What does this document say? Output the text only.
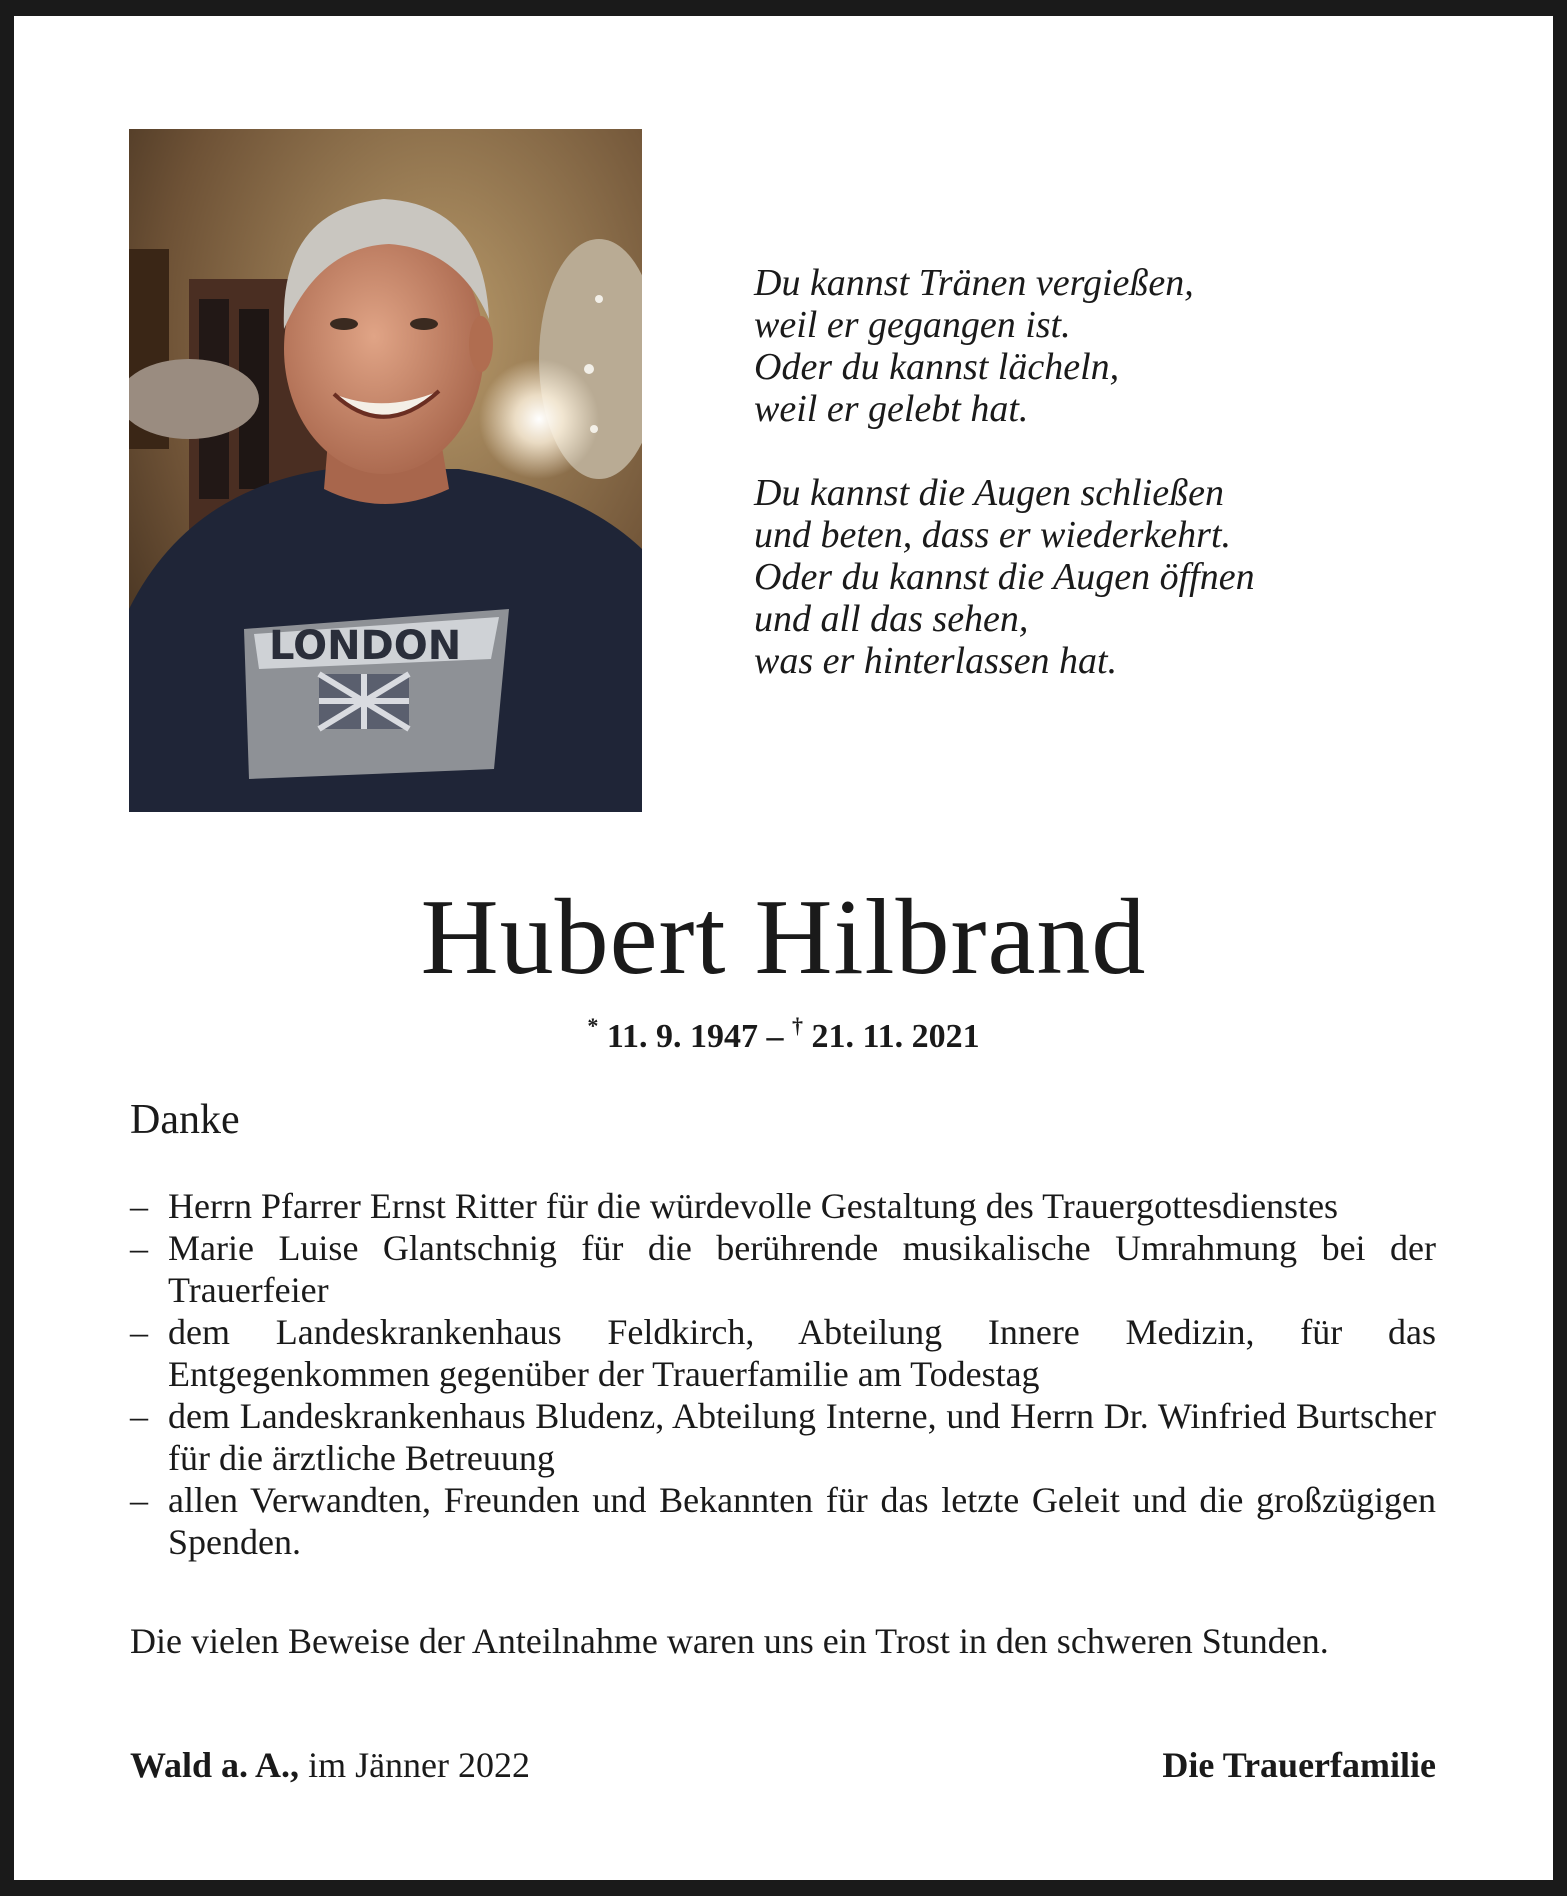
LONDON
Du kannst Tränen vergießen,
weil er gegangen ist.
Oder du kannst lächeln,
weil er gelebt hat.
Du kannst die Augen schließen
und beten, dass er wiederkehrt.
Oder du kannst die Augen öffnen
und all das sehen,
was er hinterlassen hat.
Hubert Hilbrand
* 11. 9. 1947 – † 21. 11. 2021
Danke
– Herrn Pfarrer Ernst Ritter für die würdevolle Gestaltung des Trauergottesdienstes
– Marie Luise Glantschnig für die berührende musikalische Umrahmung bei der Trauerfeier
– dem Landeskrankenhaus Feldkirch, Abteilung Innere Medizin, für das Entgegenkommen gegenüber der Trauerfamilie am Todestag
– dem Landeskrankenhaus Bludenz, Abteilung Interne, und Herrn Dr. Winfried Burtscher für die ärztliche Betreuung
– allen Verwandten, Freunden und Bekannten für das letzte Geleit und die großzügigen Spenden.
Die vielen Beweise der Anteilnahme waren uns ein Trost in den schweren Stunden.
Wald a. A., im Jänner 2022	Die Trauerfamilie
